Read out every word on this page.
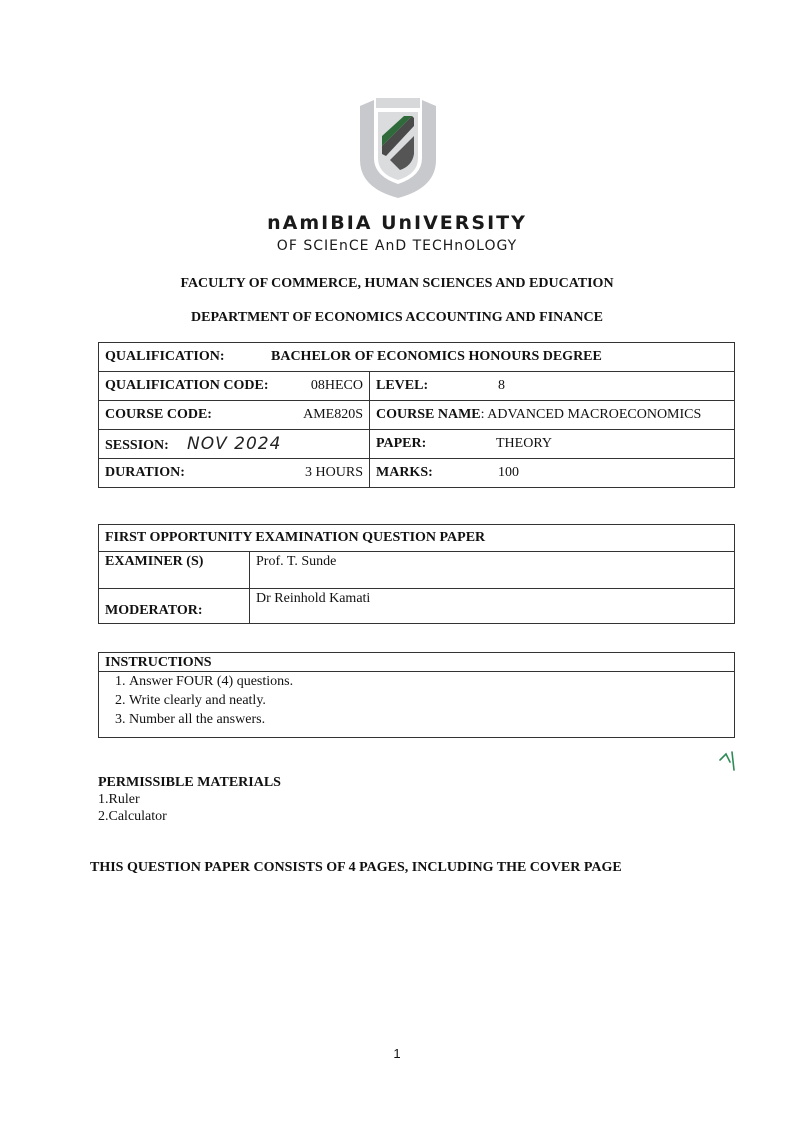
nAmIBIA UnIVERSITY
OF SCIEnCE AnD TECHnOLOGY
FACULTY OF COMMERCE, HUMAN SCIENCES AND EDUCATION
DEPARTMENT OF ECONOMICS ACCOUNTING AND FINANCE
QUALIFICATION: BACHELOR OF ECONOMICS HONOURS DEGREE	
QUALIFICATION CODE: 08HECO	LEVEL: 8
COURSE CODE: AME820S	COURSE NAME: ADVANCED MACROECONOMICS
SESSION: NOV 2024	PAPER: THEORY
DURATION: 3 HOURS	MARKS: 100
FIRST OPPORTUNITY EXAMINATION QUESTION PAPER	
EXAMINER (S)	Prof. T. Sunde
MODERATOR:	Dr Reinhold Kamati
INSTRUCTIONS
1. Answer FOUR (4) questions.
2. Write clearly and neatly.
3. Number all the answers.
PERMISSIBLE MATERIALS
1.Ruler
2.Calculator
THIS QUESTION PAPER CONSISTS OF 4 PAGES, INCLUDING THE COVER PAGE
1
